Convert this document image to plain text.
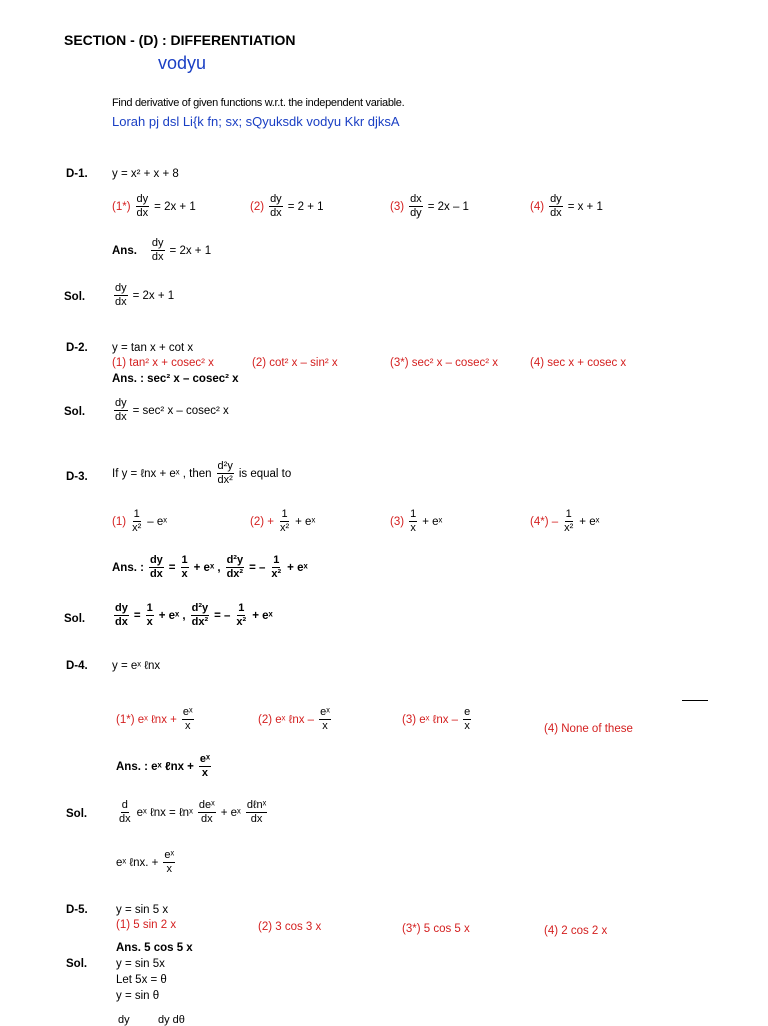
SECTION - (D) : DIFFERENTIATION
vodyu
Find derivative of given functions w.r.t. the independent variable.
Lorah pj dsl Li{k fn; sx; sQyuksdk vodyu Kkr djksA
D-1. y = x² + x + 8
$(1*) \frac{dy}{dx} = 2x + 1$	$(2) \frac{dy}{dx} = 2 + 1$	$(3) \frac{dx}{dy} = 2x - 1$	$(4) \frac{dy}{dx} = x + 1$
Ans. $\frac{dy}{dx} = 2x + 1$
Sol.	$\frac{dy}{dx} = 2x + 1$
D-2. y = tan x + cot x
(1) tan² x + cosec² x	(2) cot² x – sin² x	(3*) sec² x – cosec² x	(4) sec x + cosec x
Ans. : sec² x – cosec² x
Sol.	$\frac{dy}{dx} = \sec^2$ x – cosec² x
D-3. If y = ℓnx + eˣ , then $\frac{\text{d²y}}{\text{dx²}}$ is equal to
$(1) \frac{1}{\text{x²}}$ – eˣ	$(2) + \frac{1}{\text{x²}}$ + eˣ	$(3) \frac{1}{x}$ + eˣ	$(4*) - \frac{1}{\text{x²}}$ + eˣ
Ans. : $\frac{dy}{dx} = \frac{1}{x}$ + eˣ , $\frac{\text{d²y}}{\text{dx²}}$ = – $\frac{1}{\text{x²}}$ + eˣ
Sol.	$\frac{dy}{dx} = \frac{1}{x}$ + eˣ , $\frac{\text{d²y}}{\text{dx²}}$ = – $\frac{1}{\text{x²}}$ + eˣ
D-4. y = eˣ ℓnx
(1*) eˣ ℓnx + $\frac{\text{eˣ}}{x}$	(2) eˣ ℓnx – $\frac{\text{eˣ}}{x}$	(3) eˣ ℓnx – $\frac{e}{x}$	(4) None of these
Ans. : eˣ ℓnx + $\frac{\text{eˣ}}{x}$
Sol.	$\frac{d}{dx}$ eˣ ℓnx = ℓnˣ $\frac{\text{deˣ}}{dx}$ + eˣ $\frac{\text{dℓnˣ}}{dx}$
eˣ ℓnx. + $\frac{\text{eˣ}}{x}$
D-5. y = sin 5 x
(1) 5 sin 2 x	(2) 3 cos 3 x	(3*) 5 cos 5 x	(4) 2 cos 2 x
Ans. 5 cos 5 x
Sol.	y = sin 5x
Let 5x = θ
y = sin θ
dy	dy dθ
